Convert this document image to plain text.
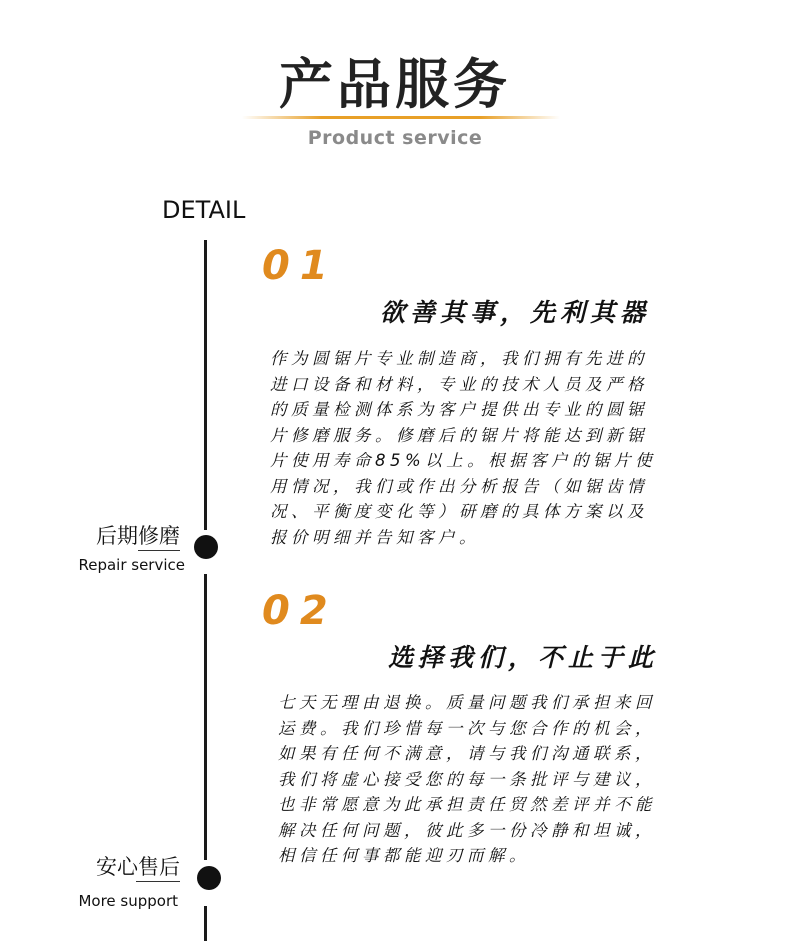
产品服务
Product service
DETAIL
后期修磨
Repair service
安心售后
More support
01
欲善其事，先利其器
作为圆锯片专业制造商，我们拥有先进的
进口设备和材料，专业的技术人员及严格
的质量检测体系为客户提供出专业的圆锯
片修磨服务。修磨后的锯片将能达到新锯
片使用寿命85%以上。根据客户的锯片使
用情况，我们或作出分析报告（如锯齿情
况、平衡度变化等）研磨的具体方案以及
报价明细并告知客户。
02
选择我们，不止于此
七天无理由退换。质量问题我们承担来回
运费。我们珍惜每一次与您合作的机会，
如果有任何不满意，请与我们沟通联系，
我们将虚心接受您的每一条批评与建议，
也非常愿意为此承担责任贸然差评并不能
解决任何问题，彼此多一份冷静和坦诚，
相信任何事都能迎刃而解。
